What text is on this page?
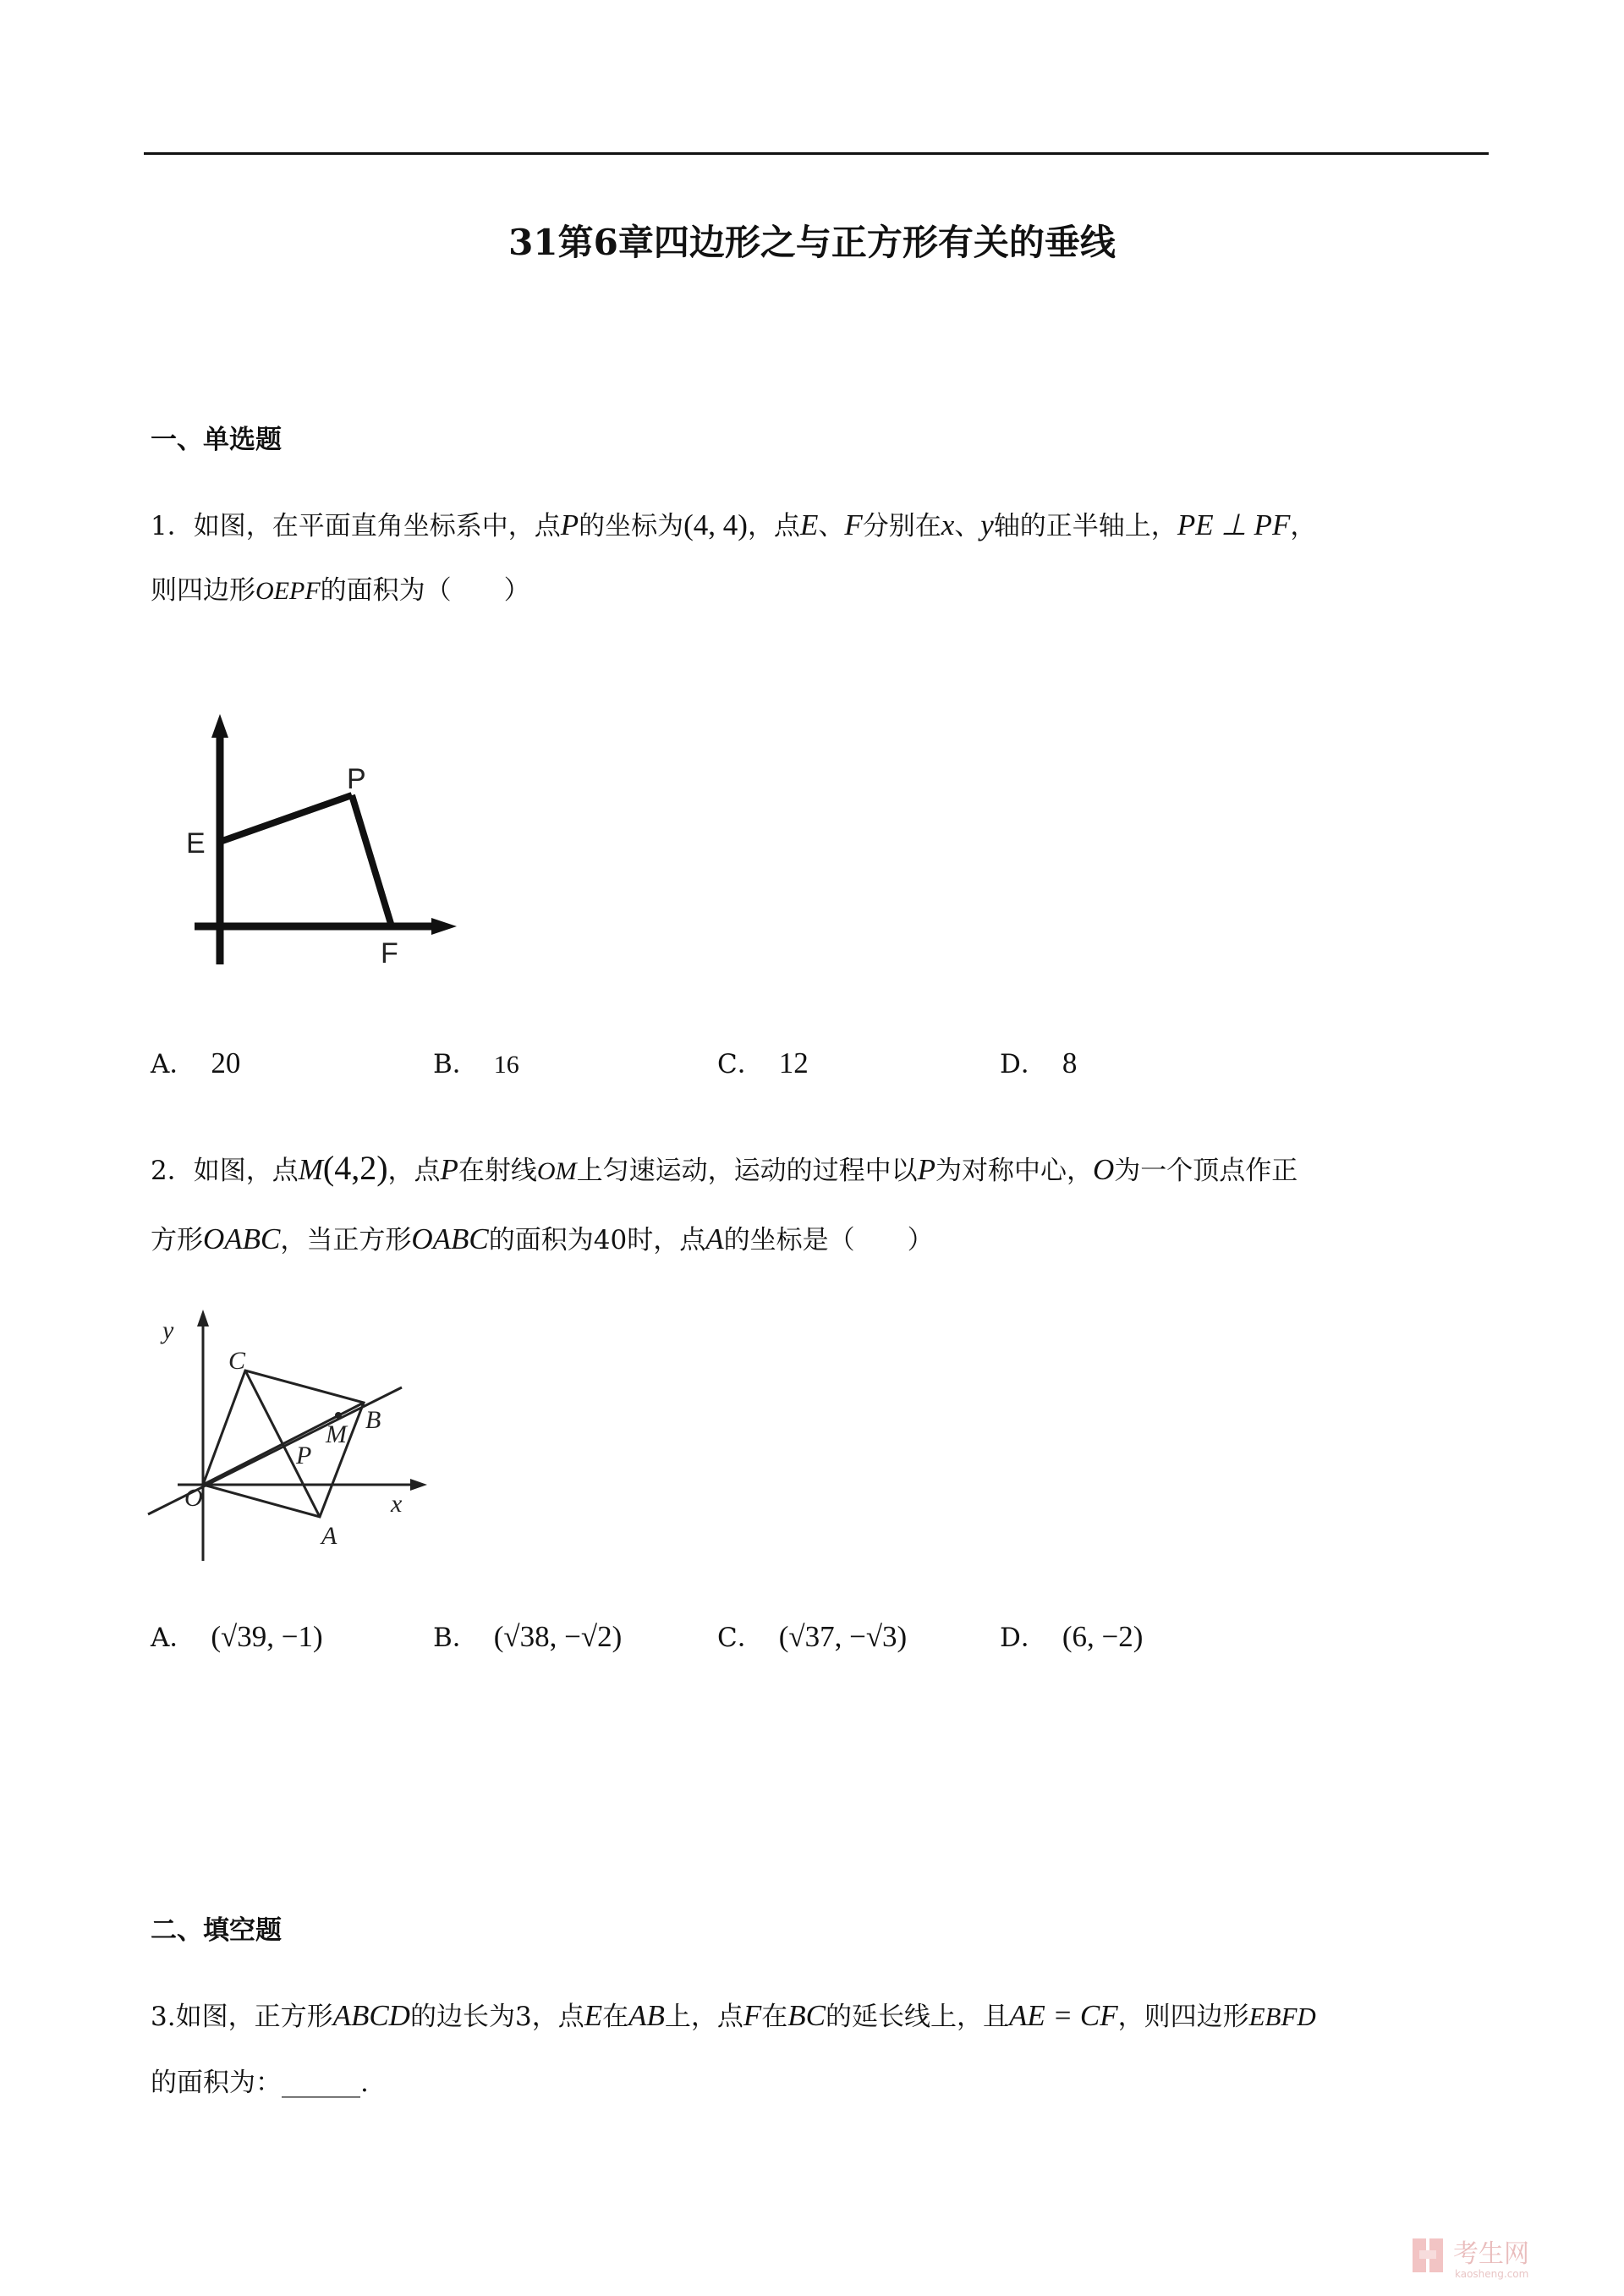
31第6章四边形之与正方形有关的垂线
一、单选题
1．如图，在平面直角坐标系中，点P的坐标为(4, 4)，点E、F分别在x、y轴的正半轴上，PE ⊥ PF，
则四边形OEPF的面积为（　　）
E
P
F
A． 20	B． 16	C． 12	D． 8
2．如图，点M(4,2)，点P在射线OM上匀速运动，运动的过程中以P为对称中心，O为一个顶点作正
方形OABC，当正方形OABC的面积为40时，点A的坐标是（　　）
y
x
C
B
M
P
O
A
A． (√39, −1)	B． (√38, −√2)	C． (√37, −√3)	D． (6, −2)
二、填空题
3.如图，正方形ABCD的边长为3，点E在AB上，点F在BC的延长线上，且AE = CF，则四边形EBFD
的面积为：______.
考生网
kaosheng.com
